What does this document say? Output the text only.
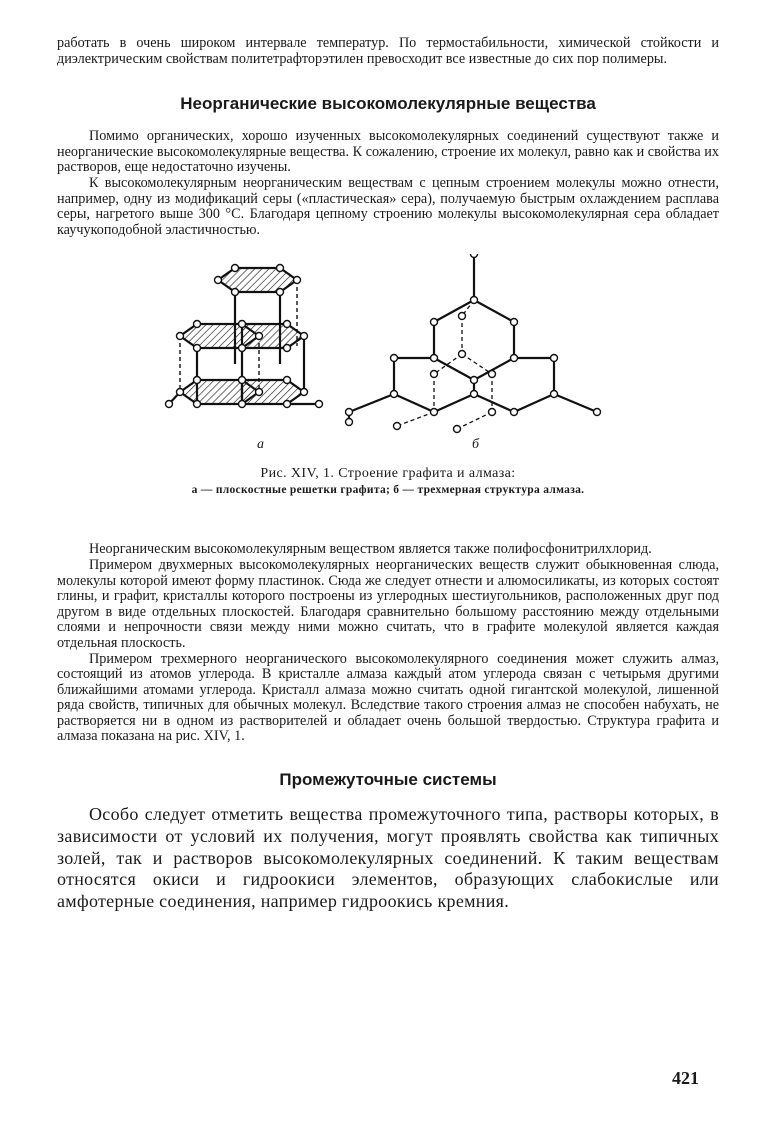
работать в очень широком интервале температур. По термостабильности, химической стойкости и диэлектрическим свойствам политетрафторэтилен превосходит все известные до сих пор полимеры.

Неорганические высокомолекулярные вещества

Помимо органических, хорошо изученных высокомолекулярных соединений существуют также и неорганические высокомолекулярные вещества. К сожалению, строение их молекул, равно как и свойства их растворов, еще недостаточно изучены.

К высокомолекулярным неорганическим веществам с цепным строением молекулы можно отнести, например, одну из модификаций серы («пластическая» сера), получаемую быстрым охлаждением расплава серы, нагретого выше 300 °С. Благодаря цепному строению молекулы высокомолекулярная сера обладает каучукоподобной эластичностью.

а	б
Рис. XIV, 1. Строение графита и алмаза:
а — плоскостные решетки графита; б — трехмерная структура алмаза.

Неорганическим высокомолекулярным веществом является также полифосфонитрилхлорид.

Примером двухмерных высокомолекулярных неорганических веществ служит обыкновенная слюда, молекулы которой имеют форму пластинок. Сюда же следует отнести и алюмосиликаты, из которых состоят глины, и графит, кристаллы которого построены из углеродных шестиугольников, расположенных друг под другом в виде отдельных плоскостей. Благодаря сравнительно большому расстоянию между отдельными слоями и непрочности связи между ними можно считать, что в графите молекулой является каждая отдельная плоскость.

Примером трехмерного неорганического высокомолекулярного соединения может служить алмаз, состоящий из атомов углерода. В кристалле алмаза каждый атом углерода связан с четырьмя другими ближайшими атомами углерода. Кристалл алмаза можно считать одной гигантской молекулой, лишенной ряда свойств, типичных для обычных молекул. Вследствие такого строения алмаз не способен набухать, не растворяется ни в одном из растворителей и обладает очень большой твердостью. Структура графита и алмаза показана на рис. XIV, 1.

Промежуточные системы

Особо следует отметить вещества промежуточного типа, растворы которых, в зависимости от условий их получения, могут проявлять свойства как типичных золей, так и растворов высокомолекулярных соединений. К таким веществам относятся окиси и гидроокиси элементов, образующих слабокислые или амфотерные соединения, например гидроокись кремния.

421
